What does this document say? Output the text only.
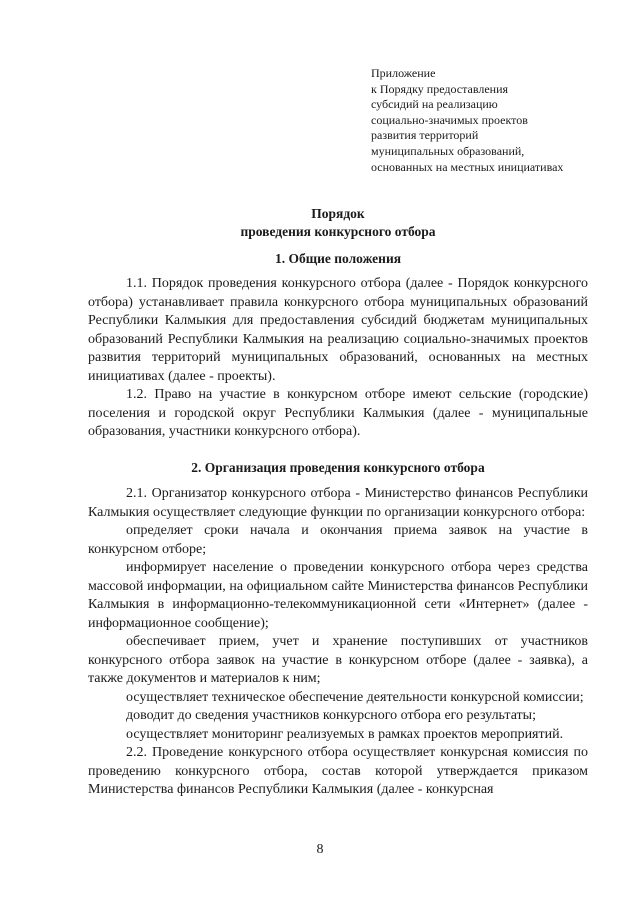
Приложение
к Порядку предоставления
субсидий на реализацию
социально-значимых проектов
развития территорий
муниципальных образований,
основанных на местных инициативах
Порядок
проведения конкурсного отбора
1. Общие положения

1.1. Порядок проведения конкурсного отбора (далее - Порядок конкурсного отбора) устанавливает правила конкурсного отбора муниципальных образований Республики Калмыкия для предоставления субсидий бюджетам муниципальных образований Республики Калмыкия на реализацию социально-значимых проектов развития территорий муниципальных образований, основанных на местных инициативах (далее - проекты).

1.2. Право на участие в конкурсном отборе имеют сельские (городские) поселения и городской округ Республики Калмыкия (далее - муниципальные образования, участники конкурсного отбора).

2. Организация проведения конкурсного отбора

2.1. Организатор конкурсного отбора - Министерство финансов Республики Калмыкия осуществляет следующие функции по организации конкурсного отбора:

определяет сроки начала и окончания приема заявок на участие в конкурсном отборе;

информирует население о проведении конкурсного отбора через средства массовой информации, на официальном сайте Министерства финансов Республики Калмыкия в информационно-телекоммуникационной сети «Интернет» (далее - информационное сообщение);

обеспечивает прием, учет и хранение поступивших от участников конкурсного отбора заявок на участие в конкурсном отборе (далее - заявка), а также документов и материалов к ним;

осуществляет техническое обеспечение деятельности конкурсной комиссии;

доводит до сведения участников конкурсного отбора его результаты;

осуществляет мониторинг реализуемых в рамках проектов мероприятий.

2.2. Проведение конкурсного отбора осуществляет конкурсная комиссия по проведению конкурсного отбора, состав которой утверждается приказом Министерства финансов Республики Калмыкия (далее - конкурсная

8
